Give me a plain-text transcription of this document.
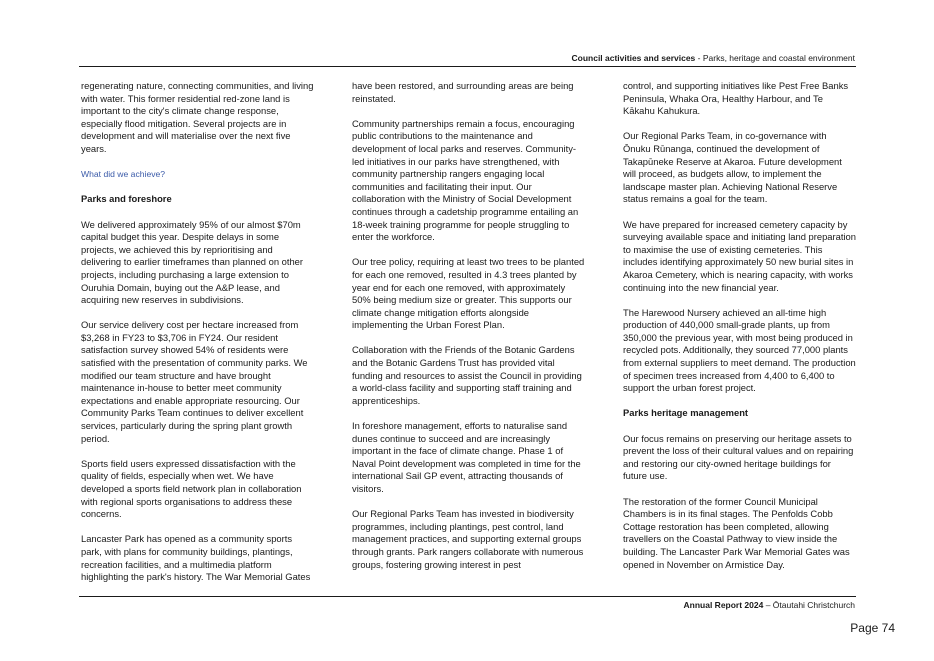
Council activities and services - Parks, heritage and coastal environment

regenerating nature, connecting communities, and living with water. This former residential red-zone land is important to the city's climate change response, especially flood mitigation. Several projects are in development and will materialise over the next five years.

What did we achieve?

Parks and foreshore

We delivered approximately 95% of our almost $70m capital budget this year. Despite delays in some projects, we achieved this by reprioritising and delivering to earlier timeframes than planned on other projects, including purchasing a large extension to Ouruhia Domain, buying out the A&P lease, and acquiring new reserves in subdivisions.

Our service delivery cost per hectare increased from $3,268 in FY23 to $3,706 in FY24. Our resident satisfaction survey showed 54% of residents were satisfied with the presentation of community parks. We modified our team structure and have brought maintenance in-house to better meet community expectations and enable appropriate resourcing. Our Community Parks Team continues to deliver excellent services, particularly during the spring plant growth period.

Sports field users expressed dissatisfaction with the quality of fields, especially when wet. We have developed a sports field network plan in collaboration with regional sports organisations to address these concerns.

Lancaster Park has opened as a community sports park, with plans for community buildings, plantings, recreation facilities, and a multimedia platform highlighting the park's history. The War Memorial Gates

have been restored, and surrounding areas are being reinstated.

Community partnerships remain a focus, encouraging public contributions to the maintenance and development of local parks and reserves. Community-led initiatives in our parks have strengthened, with community partnership rangers engaging local communities and facilitating their input. Our collaboration with the Ministry of Social Development continues through a cadetship programme entailing an 18-week training programme for people struggling to enter the workforce.

Our tree policy, requiring at least two trees to be planted for each one removed, resulted in 4.3 trees planted by year end for each one removed, with approximately 50% being medium size or greater. This supports our climate change mitigation efforts alongside implementing the Urban Forest Plan.

Collaboration with the Friends of the Botanic Gardens and the Botanic Gardens Trust has provided vital funding and resources to assist the Council in providing a world-class facility and supporting staff training and apprenticeships.

In foreshore management, efforts to naturalise sand dunes continue to succeed and are increasingly important in the face of climate change. Phase 1 of Naval Point development was completed in time for the international Sail GP event, attracting thousands of visitors.

Our Regional Parks Team has invested in biodiversity programmes, including plantings, pest control, land management practices, and supporting external groups through grants. Park rangers collaborate with numerous groups, fostering growing interest in pest

control, and supporting initiatives like Pest Free Banks Peninsula, Whaka Ora, Healthy Harbour, and Te Kākahu Kahukura.

Our Regional Parks Team, in co-governance with Ōnuku Rūnanga, continued the development of Takapūneke Reserve at Akaroa. Future development will proceed, as budgets allow, to implement the landscape master plan. Achieving National Reserve status remains a goal for the team.

We have prepared for increased cemetery capacity by surveying available space and initiating land preparation to maximise the use of existing cemeteries. This includes identifying approximately 50 new burial sites in Akaroa Cemetery, which is nearing capacity, with works continuing into the new financial year.

The Harewood Nursery achieved an all-time high production of 440,000 small-grade plants, up from 350,000 the previous year, with most being produced in recycled pots. Additionally, they sourced 77,000 plants from external suppliers to meet demand. The production of specimen trees increased from 4,400 to 6,400 to support the urban forest project.

Parks heritage management

Our focus remains on preserving our heritage assets to prevent the loss of their cultural values and on repairing and restoring our city-owned heritage buildings for future use.

The restoration of the former Council Municipal Chambers is in its final stages. The Penfolds Cobb Cottage restoration has been completed, allowing travellers on the Coastal Pathway to view inside the building. The Lancaster Park War Memorial Gates was opened in November on Armistice Day.

Annual Report 2024 – Ōtautahi Christchurch
Page 74
